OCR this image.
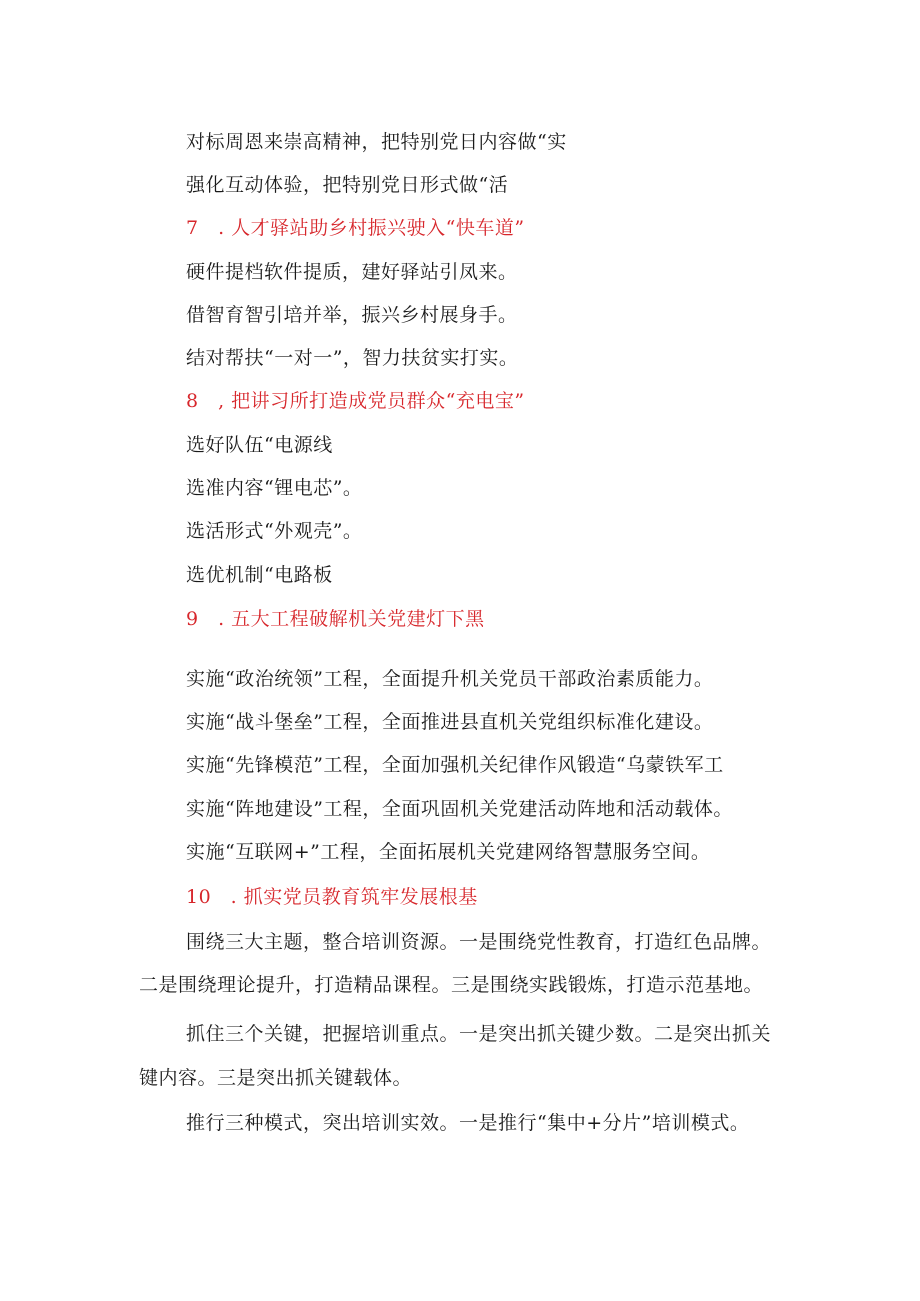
对标周恩来崇高精神，把特别党日内容做“实
强化互动体验，把特别党日形式做“活
7　. 人才驿站助乡村振兴驶入“快车道”
硬件提档软件提质，建好驿站引凤来。
借智育智引培并举，振兴乡村展身手。
结对帮扶“一对一”，智力扶贫实打实。
8　, 把讲习所打造成党员群众“充电宝”
选好队伍“电源线
选准内容“锂电芯”。
选活形式“外观壳”。
选优机制“电路板
9　. 五大工程破解机关党建灯下黑
实施“政治统领”工程，全面提升机关党员干部政治素质能力。
实施“战斗堡垒”工程，全面推进县直机关党组织标准化建设。
实施“先锋模范”工程，全面加强机关纪律作风锻造“乌蒙铁军工
实施“阵地建设”工程，全面巩固机关党建活动阵地和活动载体。
实施“互联网+”工程，全面拓展机关党建网络智慧服务空间。
10　. 抓实党员教育筑牢发展根基
围绕三大主题，整合培训资源。一是围绕党性教育，打造红色品牌。
二是围绕理论提升，打造精品课程。三是围绕实践锻炼，打造示范基地。
抓住三个关键，把握培训重点。一是突出抓关键少数。二是突出抓关
键内容。三是突出抓关键载体。
推行三种模式，突出培训实效。一是推行“集中+分片”培训模式。
